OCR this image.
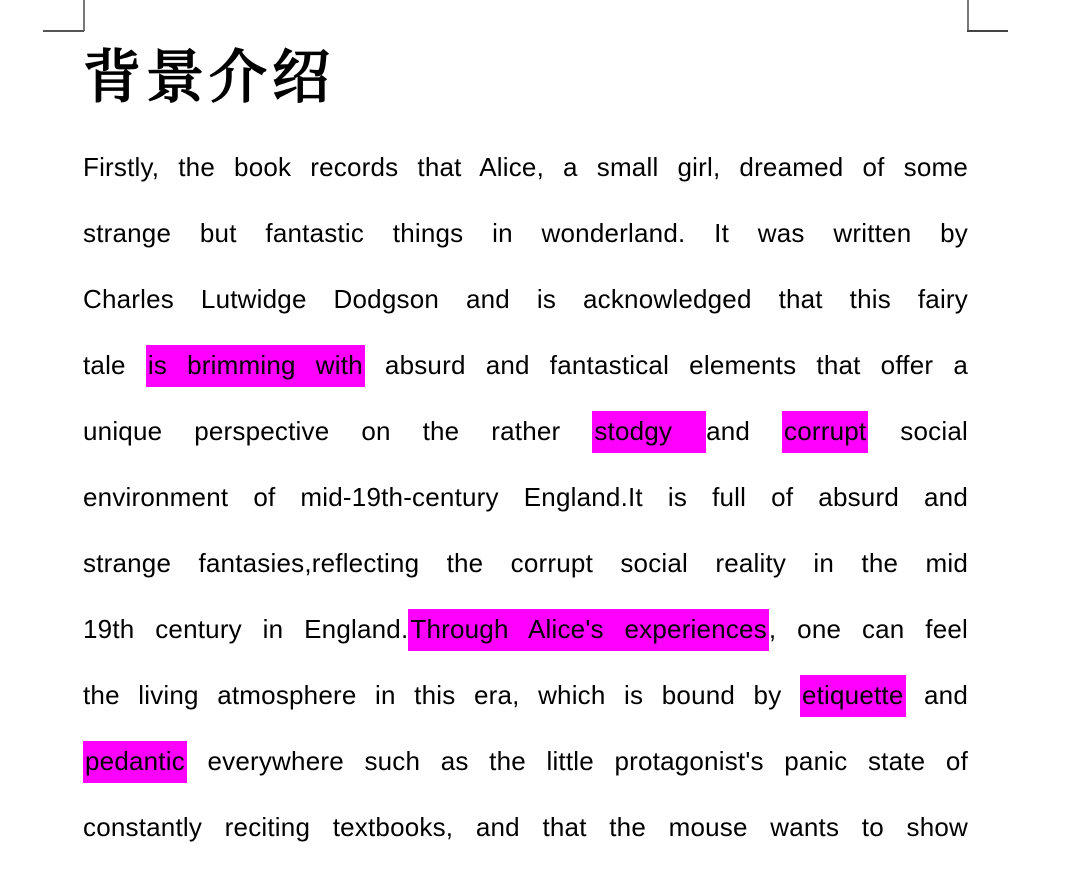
背景介绍
Firstly, the book records that Alice, a small girl, dreamed of some
strange but fantastic things in wonderland. It was written by
Charles Lutwidge Dodgson and is acknowledged that this fairy
tale is brimming with absurd and fantastical elements that offer a
unique perspective on the rather stodgy and corrupt social
environment of mid-19th-century England.It is full of absurd and
strange fantasies,reflecting the corrupt social reality in the mid
19th century in England.Through Alice's experiences, one can feel
the living atmosphere in this era, which is bound by etiquette and
pedantic everywhere such as the little protagonist's panic state of
constantly reciting textbooks, and that the mouse wants to show
